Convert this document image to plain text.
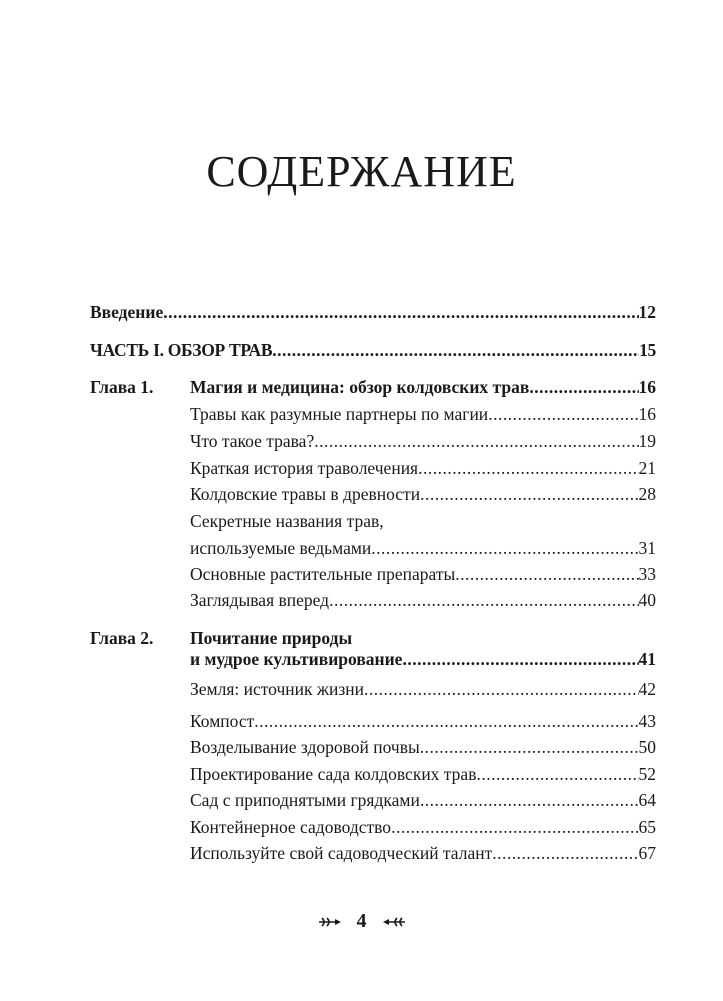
СОДЕРЖАНИЕ
Введение .....	12
ЧАСТЬ I. ОБЗОР ТРАВ .....	15
Глава 1. Магия и медицина: обзор колдовских трав .....	16
Травы как разумные партнеры по магии .....	16
Что такое трава? .....	19
Краткая история траволечения .....	21
Колдовские травы в древности .....	28
Секретные названия трав,
используемые ведьмами .....	31
Основные растительные препараты .....	33
Заглядывая вперед .....	40
Глава 2. Почитание природы
и мудрое культивирование .....	41
Земля: источник жизни .....	42
Компост .....	43
Возделывание здоровой почвы .....	50
Проектирование сада колдовских трав .....	52
Сад с приподнятыми грядками .....	64
Контейнерное садоводство .....	65
Используйте свой садоводческий талант .....	67
4
